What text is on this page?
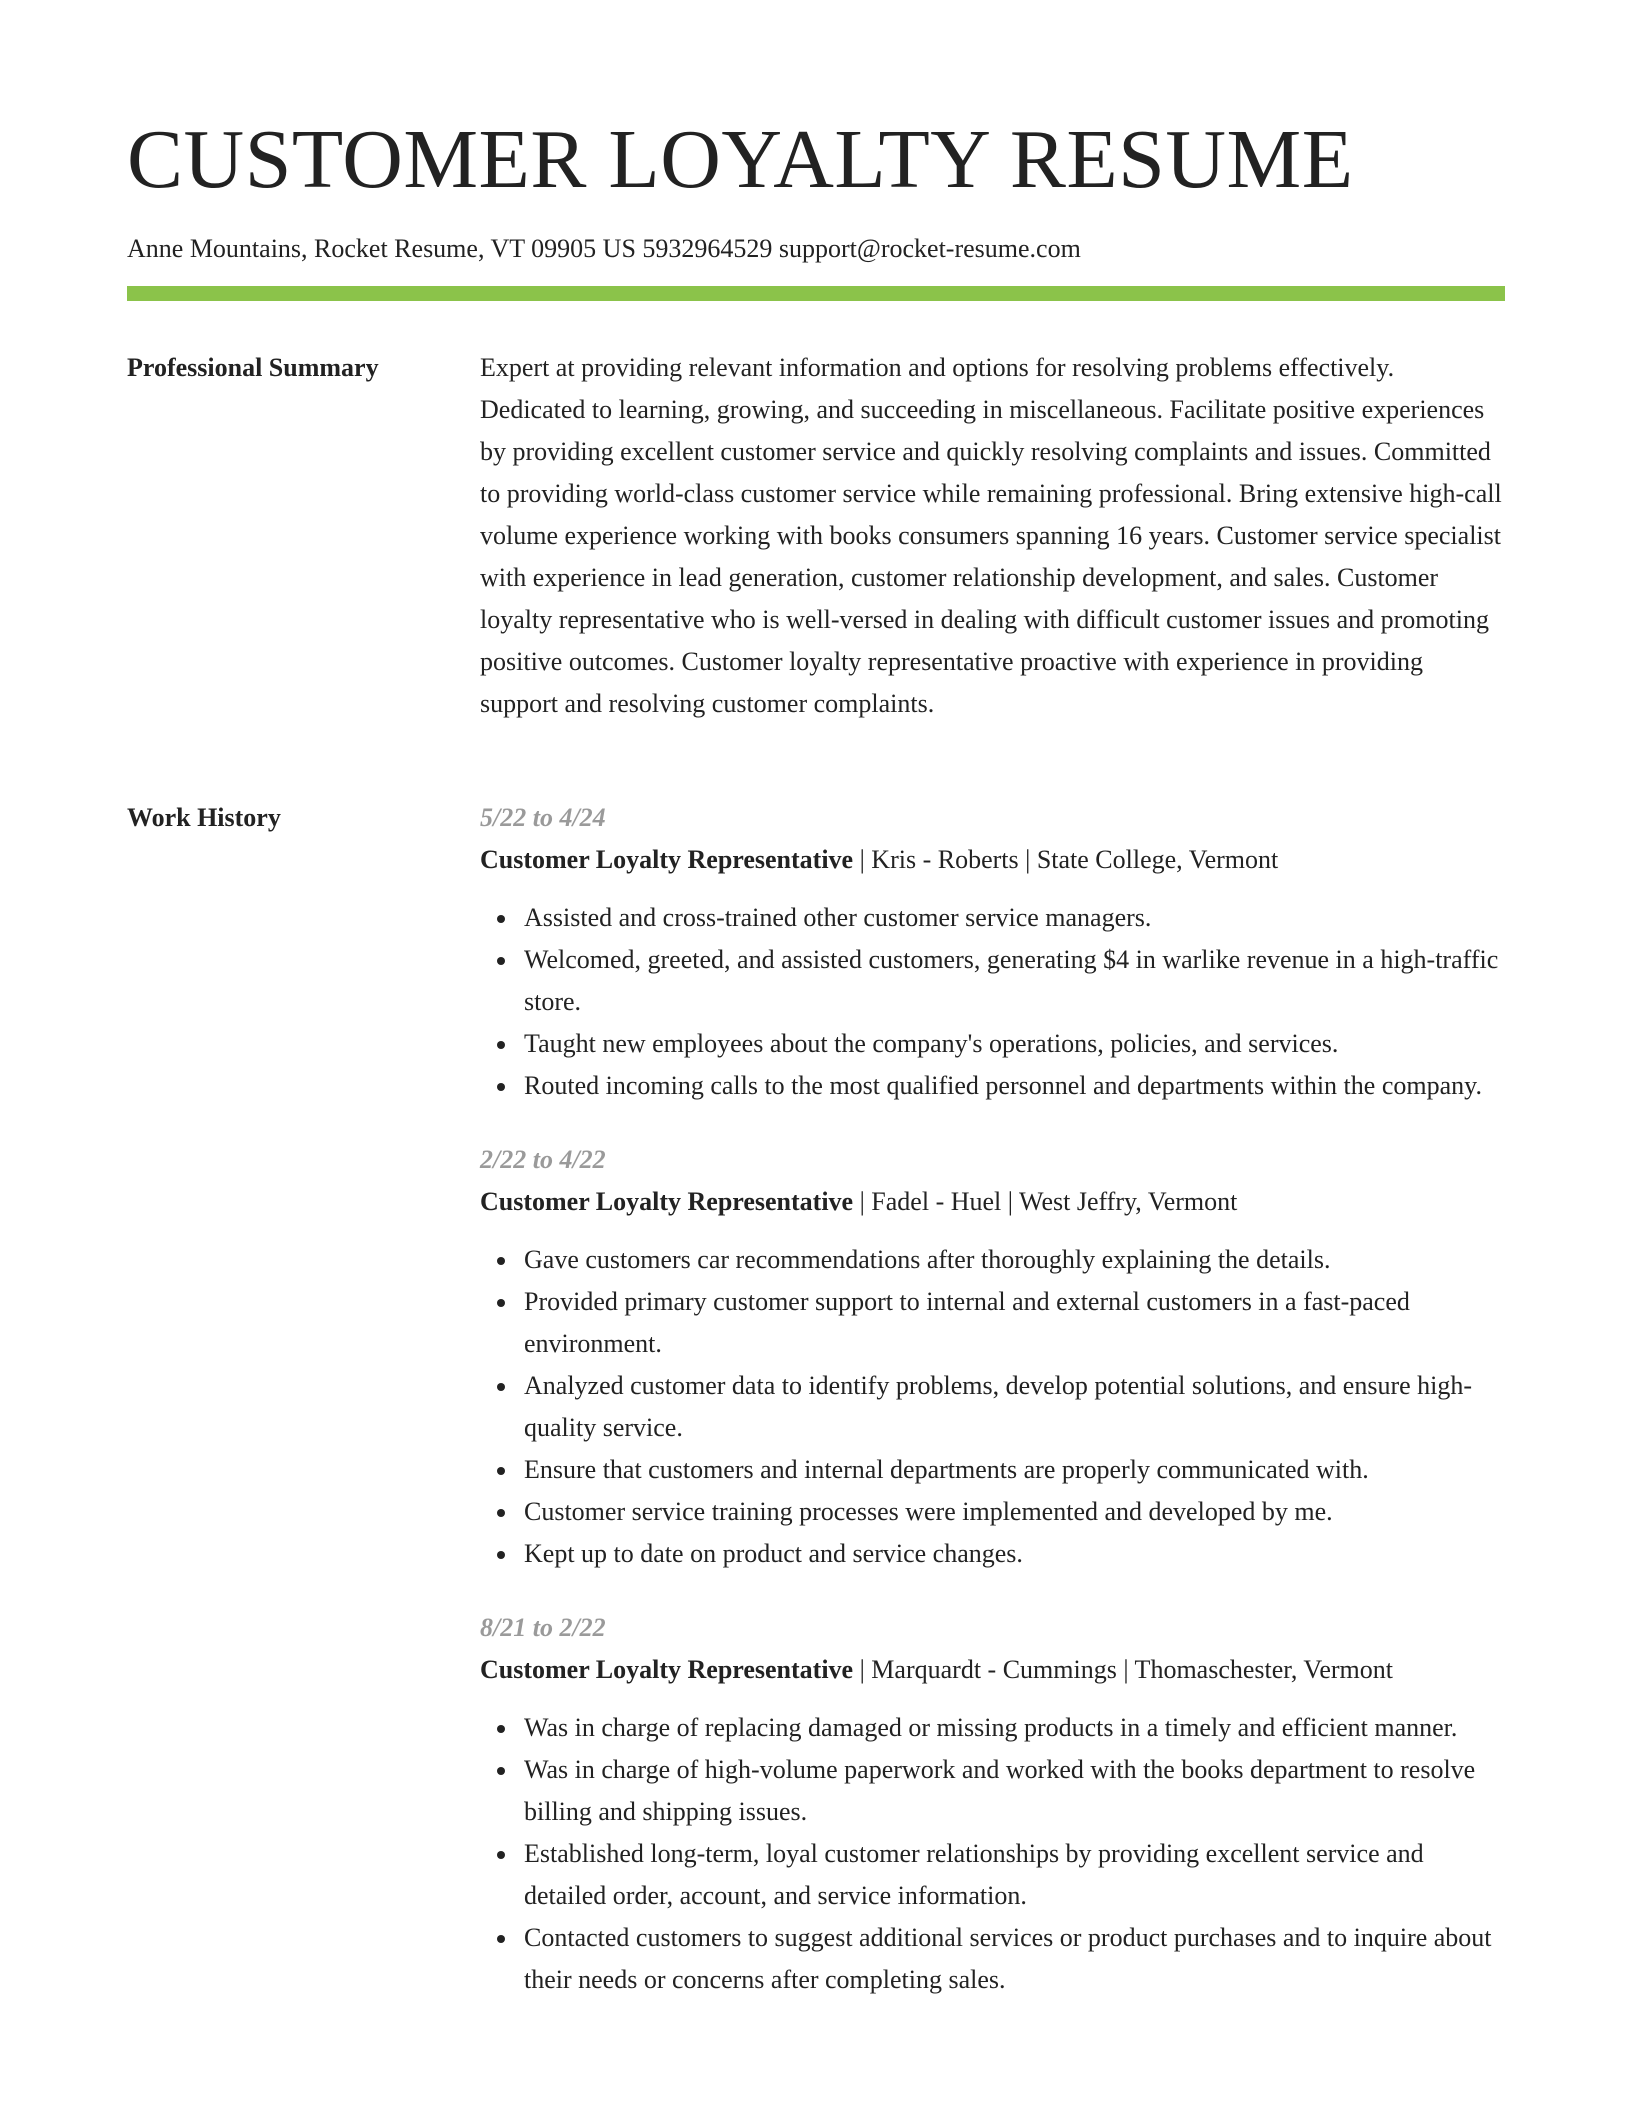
CUSTOMER LOYALTY RESUME
Anne Mountains, Rocket Resume, VT 09905 US 5932964529 support@rocket-resume.com
Professional Summary	Expert at providing relevant information and options for resolving problems effectively. Dedicated to learning, growing, and succeeding in miscellaneous. Facilitate positive experiences by providing excellent customer service and quickly resolving complaints and issues. Committed to providing world-class customer service while remaining professional. Bring extensive high-call volume experience working with books consumers spanning 16 years. Customer service specialist with experience in lead generation, customer relationship development, and sales. Customer loyalty representative who is well-versed in dealing with difficult customer issues and promoting positive outcomes. Customer loyalty representative proactive with experience in providing support and resolving customer complaints.

Work History	5/22 to 4/24
Customer Loyalty Representative | Kris - Roberts | State College, Vermont
Assisted and cross-trained other customer service managers.
Welcomed, greeted, and assisted customers, generating $4 in warlike revenue in a high-traffic store.
Taught new employees about the company's operations, policies, and services.
Routed incoming calls to the most qualified personnel and departments within the company.
2/22 to 4/22
Customer Loyalty Representative | Fadel - Huel | West Jeffry, Vermont
Gave customers car recommendations after thoroughly explaining the details.
Provided primary customer support to internal and external customers in a fast-paced environment.
Analyzed customer data to identify problems, develop potential solutions, and ensure high-quality service.
Ensure that customers and internal departments are properly communicated with.
Customer service training processes were implemented and developed by me.
Kept up to date on product and service changes.
8/21 to 2/22
Customer Loyalty Representative | Marquardt - Cummings | Thomaschester, Vermont
Was in charge of replacing damaged or missing products in a timely and efficient manner.
Was in charge of high-volume paperwork and worked with the books department to resolve billing and shipping issues.
Established long-term, loyal customer relationships by providing excellent service and detailed order, account, and service information.
Contacted customers to suggest additional services or product purchases and to inquire about their needs or concerns after completing sales.
